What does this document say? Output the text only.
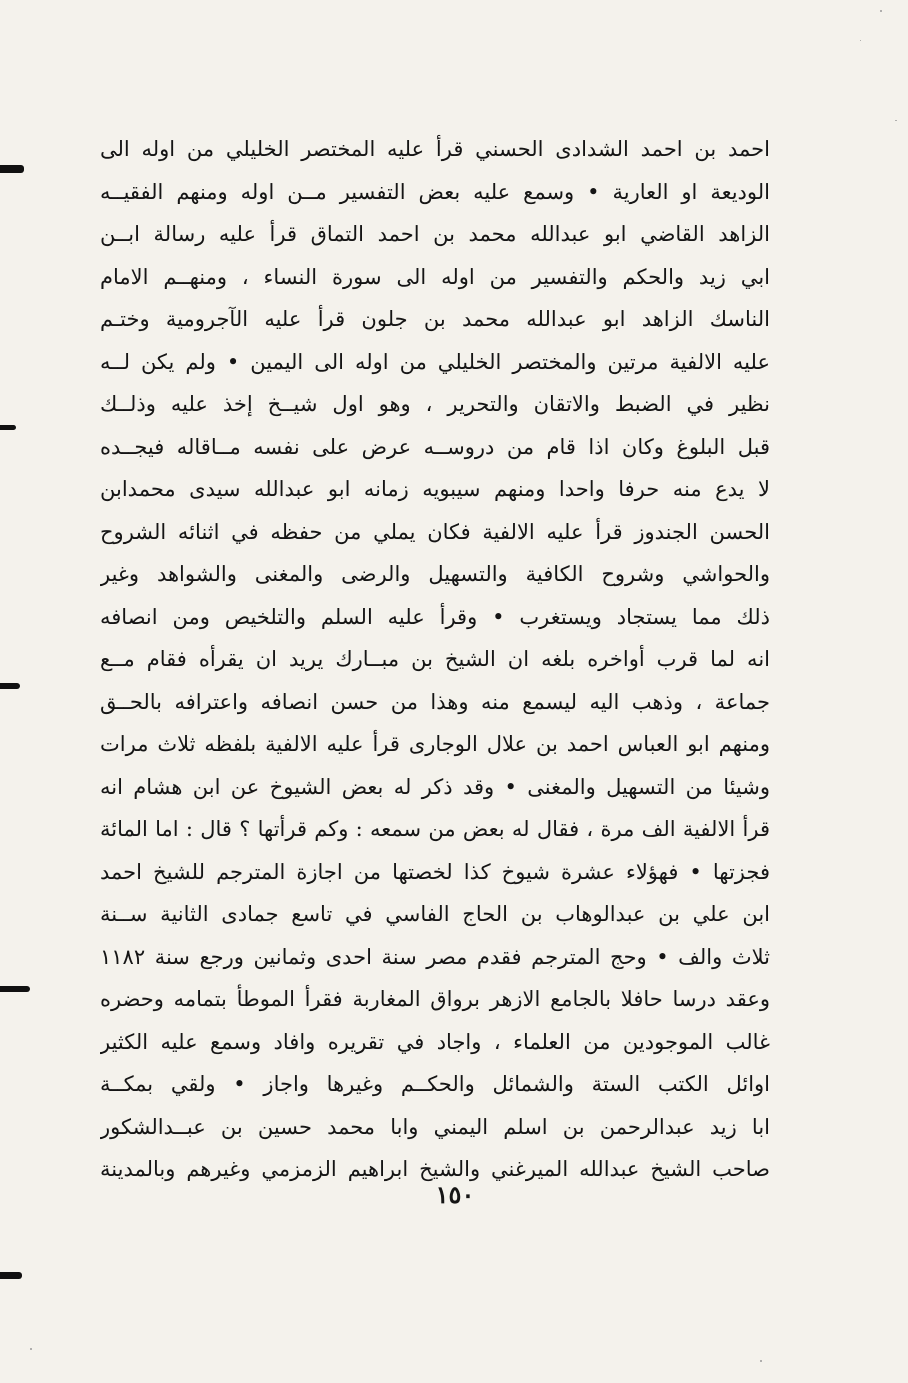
احمد بن احمد الشدادى الحسني قرأ عليه المختصر الخليلي من اوله الى
الوديعة او العارية • وسمع عليه بعض التفسير مــن اوله ومنهم الفقيــه
الزاهد القاضي ابو عبدالله محمد بن احمد التماق قرأ عليه رسالة ابــن
ابي زيد والحكم والتفسير من اوله الى سورة النساء ، ومنهــم الامام
الناسك الزاهد ابو عبدالله محمد بن جلون قرأ عليه الآجرومية وختـم
عليه الالفية مرتين والمختصر الخليلي من اوله الى اليمين • ولم يكن لــه
نظير في الضبط والاتقان والتحرير ، وهو اول شيــخ إخذ عليه وذلــك
قبل البلوغ وكان اذا قام من دروســه عرض على نفسه مــاقاله فيجــده
لا يدع منه حرفا واحدا ومنهم سيبويه زمانه ابو عبدالله سيدى محمدابن
الحسن الجندوز قرأ عليه الالفية فكان يملي من حفظه في اثنائه الشروح
والحواشي وشروح الكافية والتسهيل والرضى والمغنى والشواهد وغير
ذلك مما يستجاد ويستغرب • وقرأ عليه السلم والتلخيص ومن انصافه
انه لما قرب أواخره بلغه ان الشيخ بن مبــارك يريد ان يقرأه فقام مــع
جماعة ، وذهب اليه ليسمع منه وهذا من حسن انصافه واعترافه بالحــق
ومنهم ابو العباس احمد بن علال الوجارى قرأ عليه الالفية بلفظه ثلاث مرات
وشيئا من التسهيل والمغنى • وقد ذكر له بعض الشيوخ عن ابن هشام انه
قرأ الالفية الف مرة ، فقال له بعض من سمعه : وكم قرأتها ؟ قال : اما المائة
فجزتها • فهؤلاء عشرة شيوخ كذا لخصتها من اجازة المترجم للشيخ احمد
ابن علي بن عبدالوهاب بن الحاج الفاسي في تاسع جمادى الثانية ســنة
ثلاث والف • وحج المترجم فقدم مصر سنة احدى وثمانين ورجع سنة ١١٨٢
وعقد درسا حافلا بالجامع الازهر برواق المغاربة فقرأ الموطأ بتمامه وحضره
غالب الموجودين من العلماء ، واجاد في تقريره وافاد وسمع عليه الكثير
اوائل الكتب الستة والشمائل والحكــم وغيرها واجاز • ولقي بمكــة
ابا زيد عبدالرحمن بن اسلم اليمني وابا محمد حسين بن عبــدالشكور
صاحب الشيخ عبدالله الميرغني والشيخ ابراهيم الزمزمي وغيرهم وبالمدينة
١٥٠
